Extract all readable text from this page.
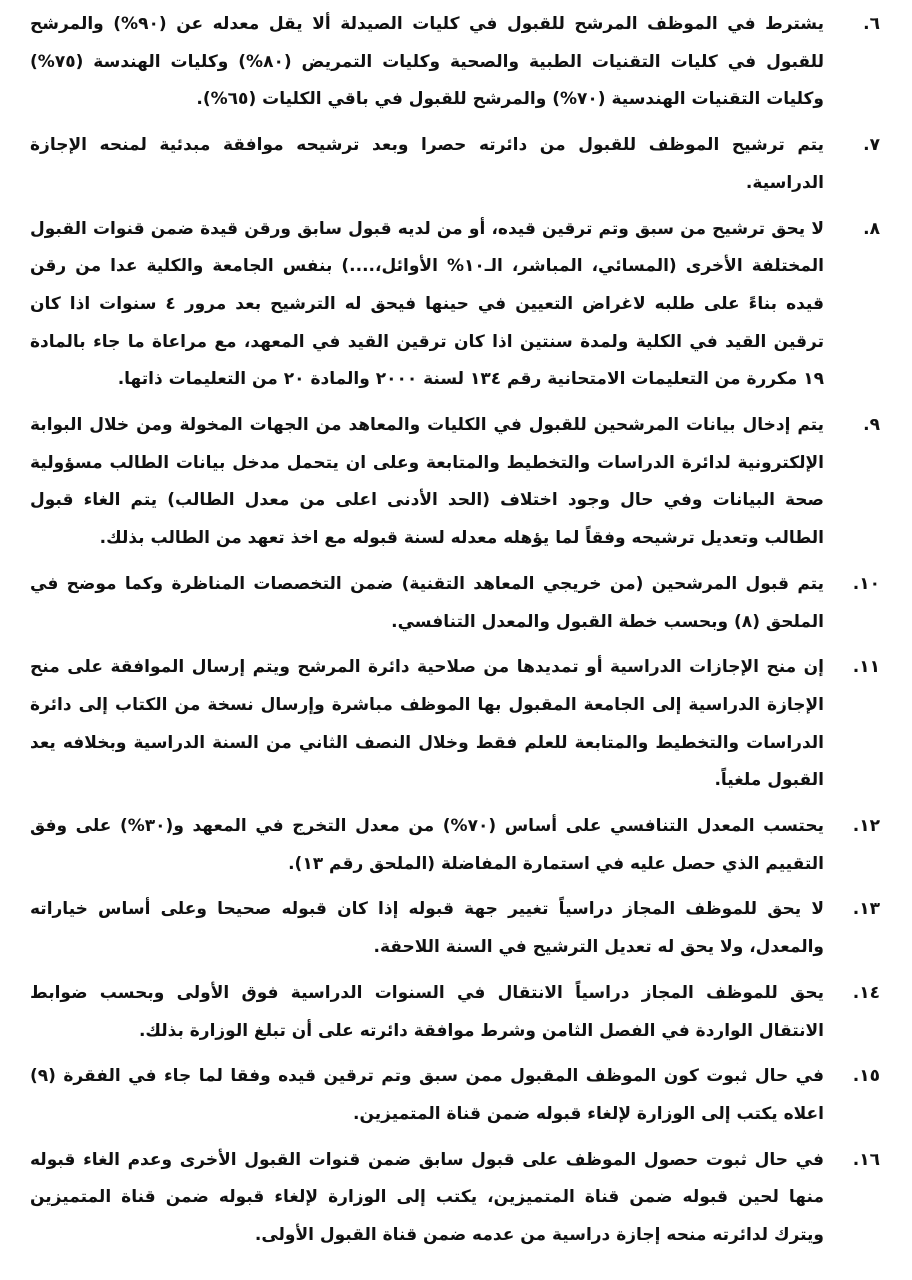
٦.
يشترط في الموظف المرشح للقبول في كليات الصيدلة ألا يقل معدله عن (٩٠%) والمرشح للقبول في كليات التقنيات الطبية والصحية وكليات التمريض (٨٠%) وكليات الهندسة (٧٥%) وكليات التقنيات الهندسية (٧٠%) والمرشح للقبول في باقي الكليات (٦٥%).
٧.
يتم ترشيح الموظف للقبول من دائرته حصرا وبعد ترشيحه موافقة مبدئية لمنحه الإجازة الدراسية.
٨.
لا يحق ترشيح من سبق وتم ترقين قيده، أو من لديه قبول سابق ورقن قيدة ضمن قنوات القبول المختلفة الأخرى (المسائي، المباشر، الـ١٠% الأوائل،....) بنفس الجامعة والكلية عدا من رقن قيده بناءً على طلبه لاغراض التعيين في حينها فيحق له الترشيح بعد مرور ٤ سنوات اذا كان ترقين القيد في الكلية ولمدة سنتين اذا كان ترقين القيد في المعهد، مع مراعاة ما جاء بالمادة ١٩ مكررة من التعليمات الامتحانية رقم ١٣٤ لسنة ٢٠٠٠ والمادة ٢٠ من التعليمات ذاتها.
٩.
يتم إدخال بيانات المرشحين للقبول في الكليات والمعاهد من الجهات المخولة ومن خلال البوابة الإلكترونية لدائرة الدراسات والتخطيط والمتابعة وعلى ان يتحمل مدخل بيانات الطالب مسؤولية صحة البيانات وفي حال وجود اختلاف (الحد الأدنى اعلى من معدل الطالب) يتم الغاء قبول الطالب وتعديل ترشيحه وفقاً لما يؤهله معدله لسنة قبوله مع اخذ تعهد من الطالب بذلك.
١٠.
يتم قبول المرشحين (من خريجي المعاهد التقنية) ضمن التخصصات المناظرة وكما موضح في الملحق (٨) وبحسب خطة القبول والمعدل التنافسي.
١١.
إن منح الإجازات الدراسية أو تمديدها من صلاحية دائرة المرشح ويتم إرسال الموافقة على منح الإجازة الدراسية إلى الجامعة المقبول بها الموظف مباشرة وإرسال نسخة من الكتاب إلى دائرة الدراسات والتخطيط والمتابعة للعلم فقط وخلال النصف الثاني من السنة الدراسية وبخلافه يعد القبول ملغياً.
١٢.
يحتسب المعدل التنافسي على أساس (٧٠%) من معدل التخرج في المعهد و(٣٠%) على وفق التقييم الذي حصل عليه في استمارة المفاضلة (الملحق رقم ١٣).
١٣.
لا يحق للموظف المجاز دراسياً تغيير جهة قبوله إذا كان قبوله صحيحا وعلى أساس خياراته والمعدل، ولا يحق له تعديل الترشيح في السنة اللاحقة.
١٤.
يحق للموظف المجاز دراسياً الانتقال في السنوات الدراسية فوق الأولى وبحسب ضوابط الانتقال الواردة في الفصل الثامن وشرط موافقة دائرته على أن تبلغ الوزارة بذلك.
١٥.
في حال ثبوت كون الموظف المقبول ممن سبق وتم ترقين قيده وفقا لما جاء في الفقرة (٩) اعلاه يكتب إلى الوزارة لإلغاء قبوله ضمن قناة المتميزين.
١٦.
في حال ثبوت حصول الموظف على قبول سابق ضمن قنوات القبول الأخرى وعدم الغاء قبوله منها لحين قبوله ضمن قناة المتميزين، يكتب إلى الوزارة لإلغاء قبوله ضمن قناة المتميزين ويترك لدائرته منحه إجازة دراسية من عدمه ضمن قناة القبول الأولى.
